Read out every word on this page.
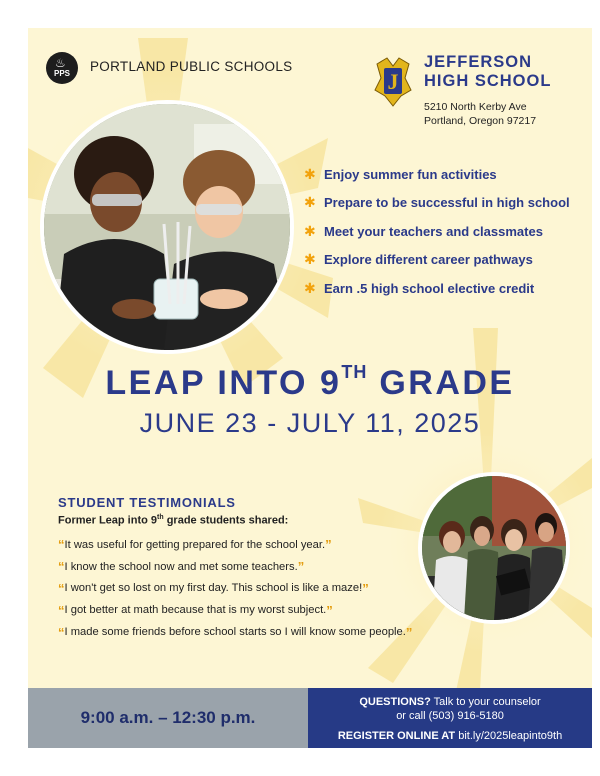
♨
PPS	PORTLAND PUBLIC SCHOOLS
J
JEFFERSON
HIGH SCHOOL
5210 North Kerby Ave
Portland, Oregon 97217
✱ Enjoy summer fun activities
✱ Prepare to be successful in high school
✱ Meet your teachers and classmates
✱ Explore different career pathways
✱ Earn .5 high school elective credit
LEAP INTO 9TH GRADE
JUNE 23 - JULY 11, 2025
STUDENT TESTIMONIALS
Former Leap into 9th grade students shared:
“ It was useful for getting prepared for the school year. ”
“ I know the school now and met some teachers. ”
“ I won't get so lost on my first day. This school is like a maze! ”
“ I got better at math because that is my worst subject. ”
“ I made some friends before school starts so I will know some people. ”
9:00 a.m. – 12:30 p.m.
QUESTIONS? Talk to your counselor
or call (503) 916-5180
REGISTER ONLINE AT bit.ly/2025leapinto9th
